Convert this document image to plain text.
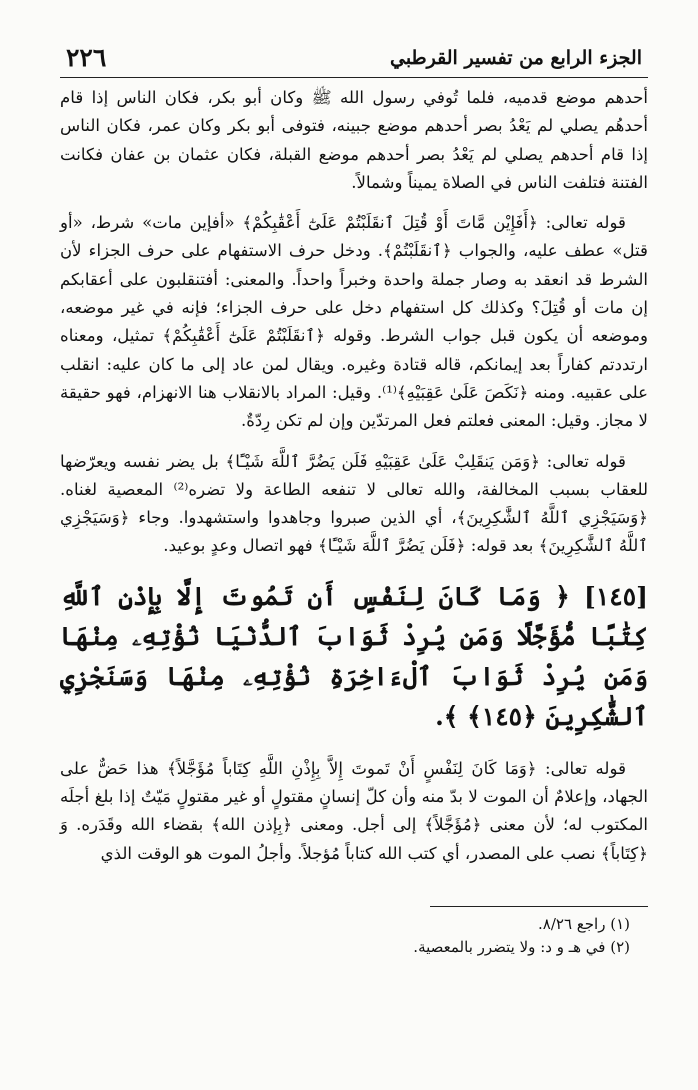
٢٢٦	الجزء الرابع من تفسير القرطبي

أحدهم موضع قدميه، فلما تُوفي رسول الله ﷺ وكان أبو بكر، فكان الناس إذا قام أحدهُم يصلي لم يَعْدُ بصر أحدهم موضع جبينه، فتوفى أبو بكر وكان عمر، فكان الناس إذا قام أحدهم يصلي لم يَعْدُ بصر أحدهم موضع القبلة، فكان عثمان بن عفان فكانت الفتنة فتلفت الناس في الصلاة يميناً وشمالاً.

قوله تعالى: ﴿أَفَإِيْن مَّاتَ أَوْ قُتِلَ ٱنقَلَبْتُمْ عَلَىٰٓ أَعْقَٰبِكُمْ﴾ «أفإين مات» شرط، «أو قتل» عطف عليه، والجواب ﴿ٱنقَلَبْتُمْ﴾. ودخل حرف الاستفهام على حرف الجزاء لأن الشرط قد انعقد به وصار جملة واحدة وخبراً واحداً. والمعنى: أفتنقلبون على أعقابكم إن مات أو قُتِلَ؟ وكذلك كل استفهام دخل على حرف الجزاء؛ فإنه في غير موضعه، وموضعه أن يكون قبل جواب الشرط. وقوله ﴿ٱنقَلَبْتُمْ عَلَىٰٓ أَعْقَٰبِكُمْ﴾ تمثيل، ومعناه ارتددتم كفاراً بعد إيمانكم، قاله قتادة وغيره. ويقال لمن عاد إلى ما كان عليه: انقلب على عقبيه. ومنه ﴿نَكَصَ عَلَىٰ عَقِبَيْهِ﴾⁽¹⁾. وقيل: المراد بالانقلاب هنا الانهزام، فهو حقيقة لا مجاز. وقيل: المعنى فعلتم فعل المرتدّين وإن لم تكن رِدّةٌ.

قوله تعالى: ﴿وَمَن يَنقَلِبْ عَلَىٰ عَقِبَيْهِ فَلَن يَضُرَّ ٱللَّهَ شَيْـًٔا﴾ بل يضر نفسه ويعرّضها للعقاب بسبب المخالفة، والله تعالى لا تنفعه الطاعة ولا تضره⁽²⁾ المعصية لغناه. ﴿وَسَيَجْزِي ٱللَّهُ ٱلشَّٰكِرِينَ﴾، أي الذين صبروا وجاهدوا واستشهدوا. وجاء ﴿وَسَيَجْزِي ٱللَّهُ ٱلشَّٰكِرِينَ﴾ بعد قوله: ﴿فَلَن يَضُرَّ ٱللَّهَ شَيْـًٔا﴾ فهو اتصال وعدٍ بوعيد.

[١٤٥] ﴿ وَمَا كَانَ لِنَفْسٍ أَن تَمُوتَ إِلَّا بِإِذْنِ ٱللَّهِ كِتَٰبًا مُّؤَجَّلًا وَمَن يُرِدْ ثَوَابَ ٱلدُّنْيَا نُؤْتِهِۦ مِنْهَا وَمَن يُرِدْ ثَوَابَ ٱلْءَاخِرَةِ نُؤْتِهِۦ مِنْهَا وَسَنَجْزِي ٱلشَّٰكِرِينَ ﴿١٤٥﴾ ﴾.

قوله تعالى: ﴿وَمَا كَانَ لِنَفْسٍ أَنْ تَموتَ إِلاَّ بِإِذْنِ اللَّهِ كِتَاباً مُؤَجَّلاً﴾ هذا حَضٌّ على الجهاد، وإعلامٌ أن الموت لا بدّ منه وأن كلّ إنسانٍ مقتولٍ أو غير مقتولٍ مَيّتٌ إذا بلغ أجلَه المكتوب له؛ لأن معنى ﴿مُؤَجَّلاً﴾ إلى أجل. ومعنى ﴿بِإذن الله﴾ بقضاء الله وقَدَره. وَ ﴿كِتَاباً﴾ نصب على المصدر، أي كتب الله كتاباً مُؤجلاً. وأجلُ الموت هو الوقت الذي

(١) راجع ٨/٢٦.
(٢) في هـ و د: ولا يتضرر بالمعصية.
